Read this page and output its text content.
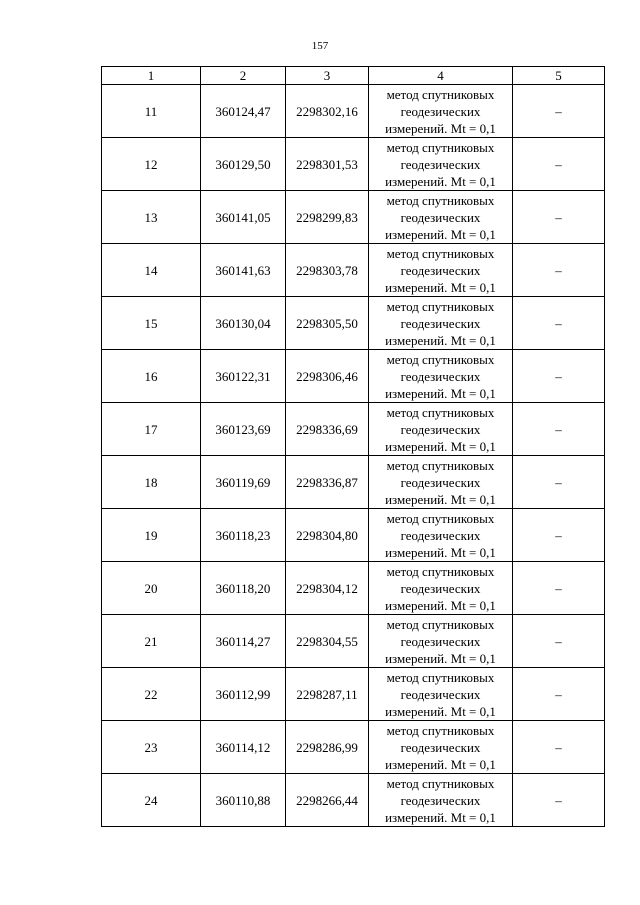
157
1	2	3	4	5
11	360124,47	2298302,16	метод спутниковых
геодезических
измерений. Mt = 0,1	–
12	360129,50	2298301,53	метод спутниковых
геодезических
измерений. Mt = 0,1	–
13	360141,05	2298299,83	метод спутниковых
геодезических
измерений. Mt = 0,1	–
14	360141,63	2298303,78	метод спутниковых
геодезических
измерений. Mt = 0,1	–
15	360130,04	2298305,50	метод спутниковых
геодезических
измерений. Mt = 0,1	–
16	360122,31	2298306,46	метод спутниковых
геодезических
измерений. Mt = 0,1	–
17	360123,69	2298336,69	метод спутниковых
геодезических
измерений. Mt = 0,1	–
18	360119,69	2298336,87	метод спутниковых
геодезических
измерений. Mt = 0,1	–
19	360118,23	2298304,80	метод спутниковых
геодезических
измерений. Mt = 0,1	–
20	360118,20	2298304,12	метод спутниковых
геодезических
измерений. Mt = 0,1	–
21	360114,27	2298304,55	метод спутниковых
геодезических
измерений. Mt = 0,1	–
22	360112,99	2298287,11	метод спутниковых
геодезических
измерений. Mt = 0,1	–
23	360114,12	2298286,99	метод спутниковых
геодезических
измерений. Mt = 0,1	–
24	360110,88	2298266,44	метод спутниковых
геодезических
измерений. Mt = 0,1	–
